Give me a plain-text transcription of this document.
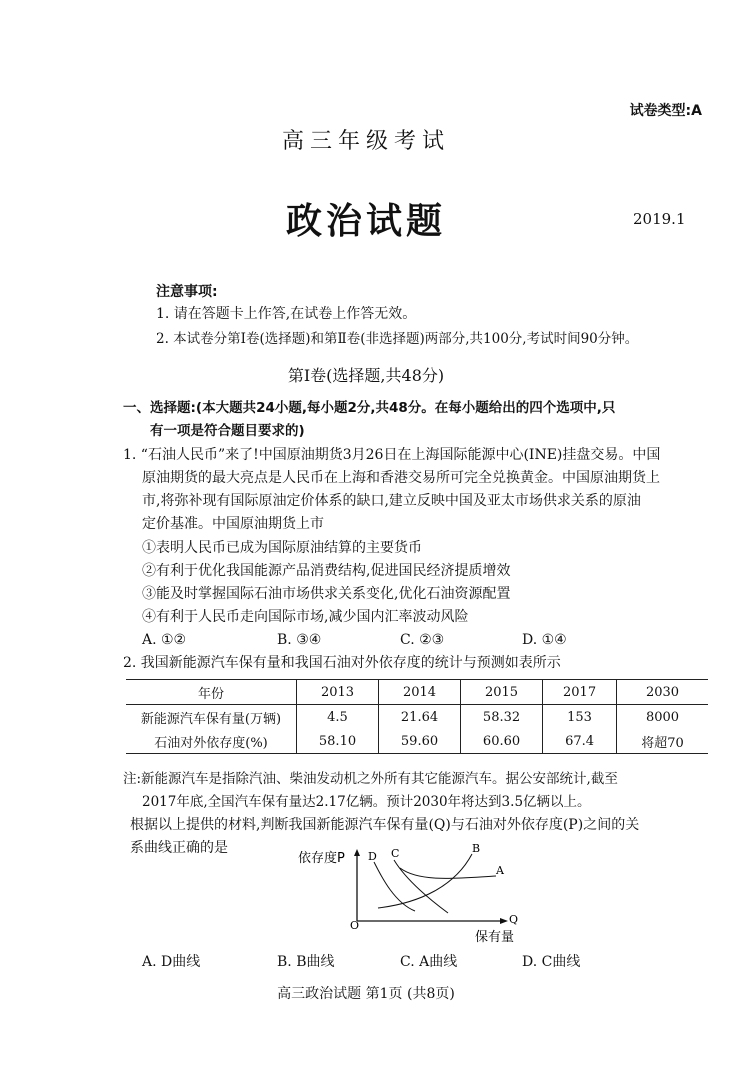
试卷类型:A
高三年级考试
政治试题	2019.1
注意事项:
1. 请在答题卡上作答,在试卷上作答无效。
2. 本试卷分第Ⅰ卷(选择题)和第Ⅱ卷(非选择题)两部分,共100分,考试时间90分钟。
第Ⅰ卷(选择题,共48分)
一、选择题:(本大题共24小题,每小题2分,共48分。在每小题给出的四个选项中,只
有一项是符合题目要求的)
1. “石油人民币”来了!中国原油期货3月26日在上海国际能源中心(INE)挂盘交易。中国
原油期货的最大亮点是人民币在上海和香港交易所可完全兑换黄金。中国原油期货上
市,将弥补现有国际原油定价体系的缺口,建立反映中国及亚太市场供求关系的原油
定价基准。中国原油期货上市
①表明人民币已成为国际原油结算的主要货币
②有利于优化我国能源产品消费结构,促进国民经济提质增效
③能及时掌握国际石油市场供求关系变化,优化石油资源配置
④有利于人民币走向国际市场,减少国内汇率波动风险
A. ①②	B. ③④	C. ②③	D. ①④
2. 我国新能源汽车保有量和我国石油对外依存度的统计与预测如表所示
年份	2013	2014	2015	2017	2030
新能源汽车保有量(万辆)	4.5	21.64	58.32	153	8000
石油对外依存度(%)	58.10	59.60	60.60	67.4	将超70
注:新能源汽车是指除汽油、柴油发动机之外所有其它能源汽车。据公安部统计,截至
2017年底,全国汽车保有量达2.17亿辆。预计2030年将达到3.5亿辆以上。
根据以上提供的材料,判断我国新能源汽车保有量(Q)与石油对外依存度(P)之间的关
系曲线正确的是
依存度P
O	Q
保有量
D C	B
A
A. D曲线	B. B曲线	C. A曲线	D. C曲线
高三政治试题 第1页 (共8页)
